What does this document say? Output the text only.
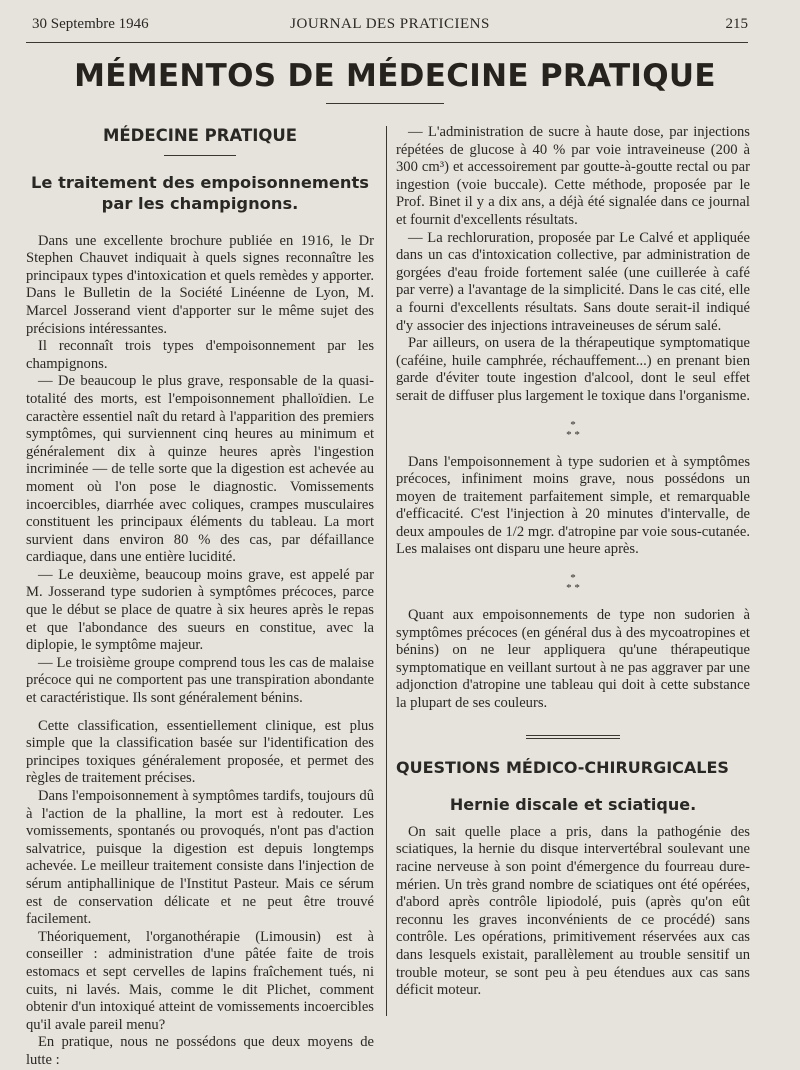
30 Septembre 1946	JOURNAL DES PRATICIENS	215
MÉMENTOS DE MÉDECINE PRATIQUE
MÉDECINE PRATIQUE
Le traitement des empoisonnements par les champignons.

Dans une excellente brochure publiée en 1916, le Dr Stephen Chauvet indiquait à quels signes reconnaître les principaux types d'intoxication et quels remèdes y apporter. Dans le Bulletin de la Société Linéenne de Lyon, M. Marcel Josserand vient d'apporter sur le même sujet des précisions intéressantes.

Il reconnaît trois types d'empoisonnement par les champignons.

— De beaucoup le plus grave, responsable de la quasi-totalité des morts, est l'empoisonnement phalloïdien. Le caractère essentiel naît du retard à l'apparition des premiers symptômes, qui surviennent cinq heures au minimum et généralement dix à quinze heures après l'ingestion incriminée — de telle sorte que la digestion est achevée au moment où l'on pose le diagnostic. Vomissements incoercibles, diarrhée avec coliques, crampes musculaires constituent les principaux éléments du tableau. La mort survient dans environ 80 % des cas, par défaillance cardiaque, dans une entière lucidité.

— Le deuxième, beaucoup moins grave, est appelé par M. Josserand type sudorien à symptômes précoces, parce que le début se place de quatre à six heures après le repas et que l'abondance des sueurs en constitue, avec la diplopie, le symptôme majeur.

— Le troisième groupe comprend tous les cas de malaise précoce qui ne comportent pas une transpiration abondante et caractéristique. Ils sont généralement bénins.

Cette classification, essentiellement clinique, est plus simple que la classification basée sur l'identification des principes toxiques généralement proposée, et permet des règles de traitement précises.

Dans l'empoisonnement à symptômes tardifs, toujours dû à l'action de la phalline, la mort est à redouter. Les vomissements, spontanés ou provoqués, n'ont pas d'action salvatrice, puisque la digestion est depuis longtemps achevée. Le meilleur traitement consiste dans l'injection de sérum antiphallinique de l'Institut Pasteur. Mais ce sérum est de conservation délicate et ne peut être trouvé facilement.

Théoriquement, l'organothérapie (Limousin) est à conseiller : administration d'une pâtée faite de trois estomacs et sept cervelles de lapins fraîchement tués, ni cuits, ni lavés. Mais, comme le dit Plichet, comment obtenir d'un intoxiqué atteint de vomissements incoercibles qu'il avale pareil menu?

En pratique, nous ne possédons que deux moyens de lutte :

— L'administration de sucre à haute dose, par injections répétées de glucose à 40 % par voie intraveineuse (200 à 300 cm³) et accessoirement par goutte-à-goutte rectal ou par ingestion (voie buccale). Cette méthode, proposée par le Prof. Binet il y a dix ans, a déjà été signalée dans ce journal et fournit d'excellents résultats.

— La rechloruration, proposée par Le Calvé et appliquée dans un cas d'intoxication collective, par administration de gorgées d'eau froide fortement salée (une cuillerée à café par verre) a l'avantage de la simplicité. Dans le cas cité, elle a fourni d'excellents résultats. Sans doute serait-il indiqué d'y associer des injections intraveineuses de sérum salé.

Par ailleurs, on usera de la thérapeutique symptomatique (caféine, huile camphrée, réchauffement...) en prenant bien garde d'éviter toute ingestion d'alcool, dont le seul effet serait de diffuser plus largement le toxique dans l'organisme.

*
* *

Dans l'empoisonnement à type sudorien et à symptômes précoces, infiniment moins grave, nous possédons un moyen de traitement parfaitement simple, et remarquable d'efficacité. C'est l'injection à 20 minutes d'intervalle, de deux ampoules de 1/2 mgr. d'atropine par voie sous-cutanée. Les malaises ont disparu une heure après.

*
* *

Quant aux empoisonnements de type non sudorien à symptômes précoces (en général dus à des mycoatropines et bénins) on ne leur appliquera qu'une thérapeutique symptomatique en veillant surtout à ne pas aggraver par une adjonction d'atropine une tableau qui doit à cette substance la plupart de ses couleurs.

QUESTIONS MÉDICO-CHIRURGICALES
Hernie discale et sciatique.

On sait quelle place a pris, dans la pathogénie des sciatiques, la hernie du disque intervertébral soulevant une racine nerveuse à son point d'émergence du fourreau dure-mérien. Un très grand nombre de sciatiques ont été opérées, d'abord après contrôle lipiodolé, puis (après qu'on eût reconnu les graves inconvénients de ce procédé) sans contrôle. Les opérations, primitivement réservées aux cas dans lesquels existait, parallèlement au trouble sensitif un trouble moteur, se sont peu à peu étendues aux cas sans déficit moteur.
